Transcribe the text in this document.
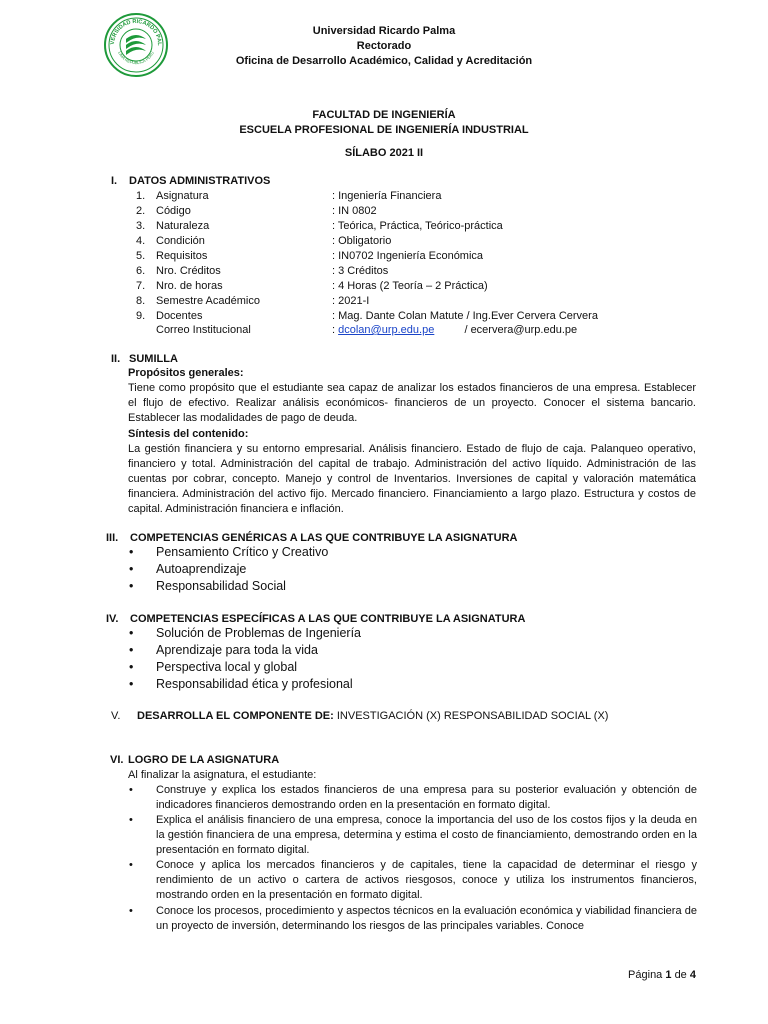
VERSIDAD RICARDO PAL
LIMA REPUBLICA PERU
Universidad Ricardo Palma
Rectorado
Oficina de Desarrollo Académico, Calidad y Acreditación
FACULTAD DE INGENIERÍA
ESCUELA PROFESIONAL DE INGENIERÍA INDUSTRIAL
SÍLABO 2021 II
I. DATOS ADMINISTRATIVOS
1. Asignatura	: Ingeniería Financiera
2. Código	: IN 0802
3. Naturaleza	: Teórica, Práctica, Teórico-práctica
4. Condición	: Obligatorio
5. Requisitos	: IN0702 Ingeniería Económica
6. Nro. Créditos	: 3 Créditos
7. Nro. de horas	: 4 Horas (2 Teoría – 2 Práctica)
8. Semestre Académico	: 2021-I
9. Docentes	: Mag. Dante Colan Matute / Ing.Ever Cervera Cervera
Correo Institucional	: dcolan@urp.edu.pe	/ ecervera@urp.edu.pe
II. SUMILLA
Propósitos generales:
Tiene como propósito que el estudiante sea capaz de analizar los estados financieros de una empresa. Establecer el flujo de efectivo. Realizar análisis económicos- financieros de un proyecto. Conocer el sistema bancario. Establecer las modalidades de pago de deuda.
Síntesis del contenido:
La gestión financiera y su entorno empresarial. Análisis financiero. Estado de flujo de caja. Palanqueo operativo, financiero y total. Administración del capital de trabajo. Administración del activo líquido. Administración de las cuentas por cobrar, concepto. Manejo y control de Inventarios. Inversiones de capital y valoración matemática financiera. Administración del activo fijo. Mercado financiero. Financiamiento a largo plazo. Estructura y costos de capital. Administración financiera e inflación.
III. COMPETENCIAS GENÉRICAS A LAS QUE CONTRIBUYE LA ASIGNATURA
•	Pensamiento Crítico y Creativo
•	Autoaprendizaje
•	Responsabilidad Social
IV. COMPETENCIAS ESPECÍFICAS A LAS QUE CONTRIBUYE LA ASIGNATURA
•	Solución de Problemas de Ingeniería
•	Aprendizaje para toda la vida
•	Perspectiva local y global
•	Responsabilidad ética y profesional
V. DESARROLLA EL COMPONENTE DE: INVESTIGACIÓN (X) RESPONSABILIDAD SOCIAL (X)
VI. LOGRO DE LA ASIGNATURA
Al finalizar la asignatura, el estudiante:
• Construye y explica los estados financieros de una empresa para su posterior evaluación y obtención de indicadores financieros demostrando orden en la presentación en formato digital.
• Explica el análisis financiero de una empresa, conoce la importancia del uso de los costos fijos y la deuda en la gestión financiera de una empresa, determina y estima el costo de financiamiento, demostrando orden en la presentación en formato digital.
• Conoce y aplica los mercados financieros y de capitales, tiene la capacidad de determinar el riesgo y rendimiento de un activo o cartera de activos riesgosos, conoce y utiliza los instrumentos financieros, mostrando orden en la presentación en formato digital.
• Conoce los procesos, procedimiento y aspectos técnicos en la evaluación económica y viabilidad financiera de un proyecto de inversión, determinando los riesgos de las principales variables. Conoce
Página 1 de 4
